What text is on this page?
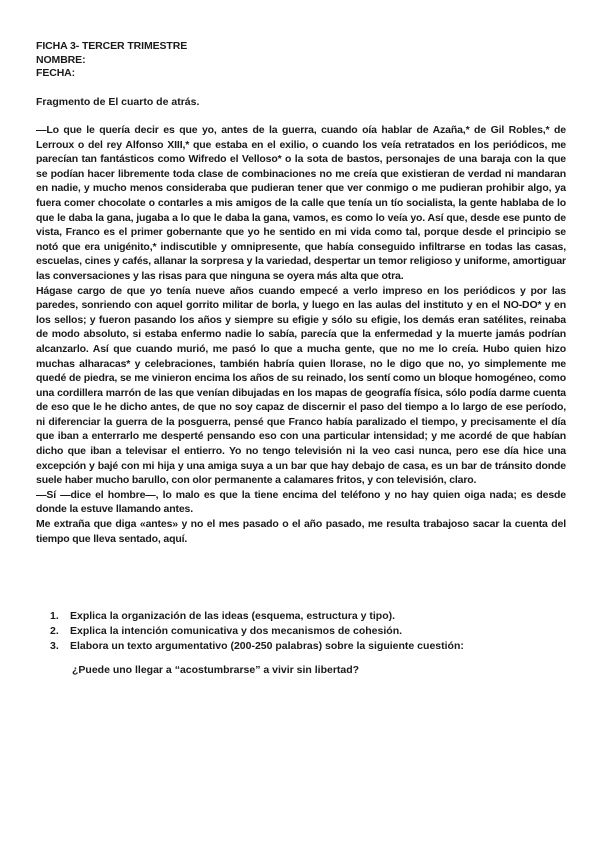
FICHA 3- TERCER TRIMESTRE
NOMBRE:
FECHA:
Fragmento de El cuarto de atrás.

—Lo que le quería decir es que yo, antes de la guerra, cuando oía hablar de Azaña,* de Gil Robles,* de Lerroux o del rey Alfonso XIII,* que estaba en el exilio, o cuando los veía retratados en los periódicos, me parecían tan fantásticos como Wifredo el Velloso* o la sota de bastos, personajes de una baraja con la que se podían hacer libremente toda clase de combinaciones no me creía que existieran de verdad ni mandaran en nadie, y mucho menos consideraba que pudieran tener que ver conmigo o me pudieran prohibir algo, ya fuera comer chocolate o contarles a mis amigos de la calle que tenía un tío socialista, la gente hablaba de lo que le daba la gana, jugaba a lo que le daba la gana, vamos, es como lo veía yo. Así que, desde ese punto de vista, Franco es el primer gobernante que yo he sentido en mi vida como tal, porque desde el principio se notó que era unigénito,* indiscutible y omnipresente, que había conseguido infiltrarse en todas las casas, escuelas, cines y cafés, allanar la sorpresa y la variedad, despertar un temor religioso y uniforme, amortiguar las conversaciones y las risas para que ninguna se oyera más alta que otra.

Hágase cargo de que yo tenía nueve años cuando empecé a verlo impreso en los periódicos y por las paredes, sonriendo con aquel gorrito militar de borla, y luego en las aulas del instituto y en el NO-DO* y en los sellos; y fueron pasando los años y siempre su efigie y sólo su efigie, los demás eran satélites, reinaba de modo absoluto, si estaba enfermo nadie lo sabía, parecía que la enfermedad y la muerte jamás podrían alcanzarlo. Así que cuando murió, me pasó lo que a mucha gente, que no me lo creía. Hubo quien hizo muchas alharacas* y celebraciones, también habría quien llorase, no le digo que no, yo simplemente me quedé de piedra, se me vinieron encima los años de su reinado, los sentí como un bloque homogéneo, como una cordillera marrón de las que venían dibujadas en los mapas de geografía física, sólo podía darme cuenta de eso que le he dicho antes, de que no soy capaz de discernir el paso del tiempo a lo largo de ese período, ni diferenciar la guerra de la posguerra, pensé que Franco había paralizado el tiempo, y precisamente el día que iban a enterrarlo me desperté pensando eso con una particular intensidad; y me acordé de que habían dicho que iban a televisar el entierro. Yo no tengo televisión ni la veo casi nunca, pero ese día hice una excepción y bajé con mi hija y una amiga suya a un bar que hay debajo de casa, es un bar de tránsito donde suele haber mucho barullo, con olor permanente a calamares fritos, y con televisión, claro.

—Sí —dice el hombre—, lo malo es que la tiene encima del teléfono y no hay quien oiga nada; es desde donde la estuve llamando antes.

Me extraña que diga «antes» y no el mes pasado o el año pasado, me resulta trabajoso sacar la cuenta del tiempo que lleva sentado, aquí.

1.	Explica la organización de las ideas (esquema, estructura y tipo).
2.	Explica la intención comunicativa y dos mecanismos de cohesión.
3.	Elabora un texto argumentativo (200-250 palabras) sobre la siguiente cuestión:
¿Puede uno llegar a “acostumbrarse” a vivir sin libertad?
